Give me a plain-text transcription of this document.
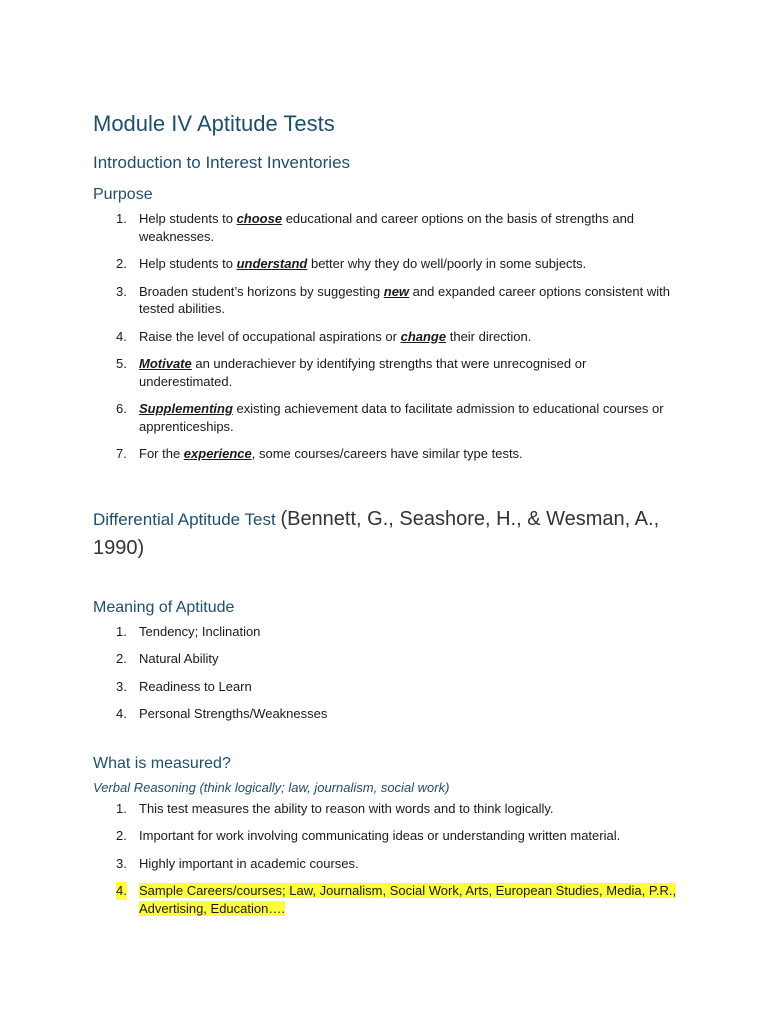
Module IV Aptitude Tests
Introduction to Interest Inventories
Purpose
1. Help students to choose educational and career options on the basis of strengths and weaknesses.
2. Help students to understand better why they do well/poorly in some subjects.
3. Broaden student’s horizons by suggesting new and expanded career options consistent with tested abilities.
4. Raise the level of occupational aspirations or change their direction.
5. Motivate an underachiever by identifying strengths that were unrecognised or underestimated.
6. Supplementing existing achievement data to facilitate admission to educational courses or apprenticeships.
7. For the experience, some courses/careers have similar type tests.
Differential Aptitude Test (Bennett, G., Seashore, H., & Wesman, A., 1990)
Meaning of Aptitude
1. Tendency; Inclination
2. Natural Ability
3. Readiness to Learn
4. Personal Strengths/Weaknesses
What is measured?
Verbal Reasoning (think logically; law, journalism, social work)
1. This test measures the ability to reason with words and to think logically.
2. Important for work involving communicating ideas or understanding written material.
3. Highly important in academic courses.
4. Sample Careers/courses; Law, Journalism, Social Work, Arts, European Studies, Media, P.R., Advertising, Education….
